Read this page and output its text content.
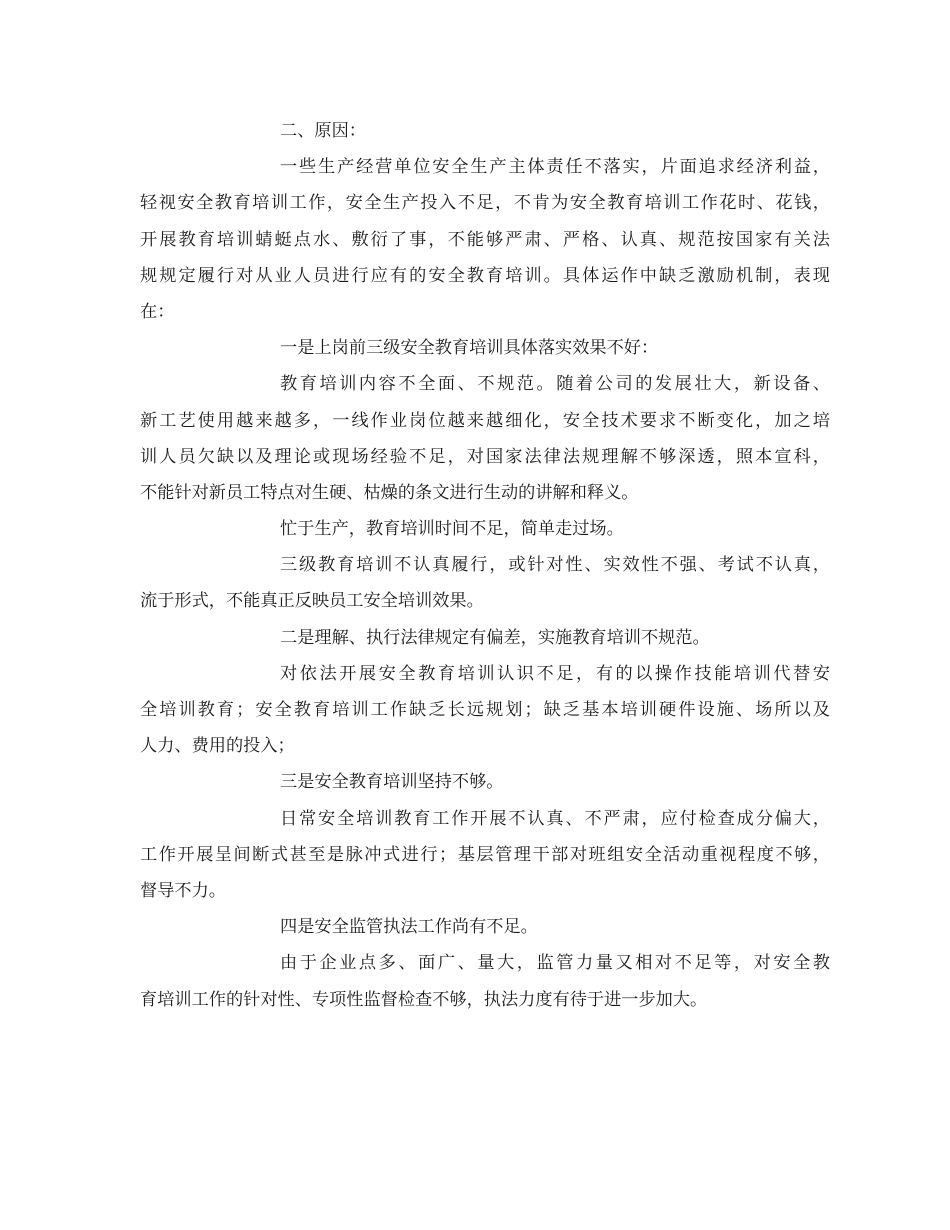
二、原因：
一些生产经营单位安全生产主体责任不落实，片面追求经济利益，
轻视安全教育培训工作，安全生产投入不足，不肯为安全教育培训工作花时、花钱，
开展教育培训蜻蜓点水、敷衍了事，不能够严肃、严格、认真、规范按国家有关法
规规定履行对从业人员进行应有的安全教育培训。具体运作中缺乏激励机制，表现
在：
一是上岗前三级安全教育培训具体落实效果不好：
教育培训内容不全面、不规范。随着公司的发展壮大，新设备、
新工艺使用越来越多，一线作业岗位越来越细化，安全技术要求不断变化，加之培
训人员欠缺以及理论或现场经验不足，对国家法律法规理解不够深透，照本宣科，
不能针对新员工特点对生硬、枯燥的条文进行生动的讲解和释义。
忙于生产，教育培训时间不足，简单走过场。
三级教育培训不认真履行，或针对性、实效性不强、考试不认真，
流于形式，不能真正反映员工安全培训效果。
二是理解、执行法律规定有偏差，实施教育培训不规范。
对依法开展安全教育培训认识不足，有的以操作技能培训代替安
全培训教育；安全教育培训工作缺乏长远规划；缺乏基本培训硬件设施、场所以及
人力、费用的投入；
三是安全教育培训坚持不够。
日常安全培训教育工作开展不认真、不严肃，应付检查成分偏大，
工作开展呈间断式甚至是脉冲式进行；基层管理干部对班组安全活动重视程度不够，
督导不力。
四是安全监管执法工作尚有不足。
由于企业点多、面广、量大，监管力量又相对不足等，对安全教
育培训工作的针对性、专项性监督检查不够，执法力度有待于进一步加大。
